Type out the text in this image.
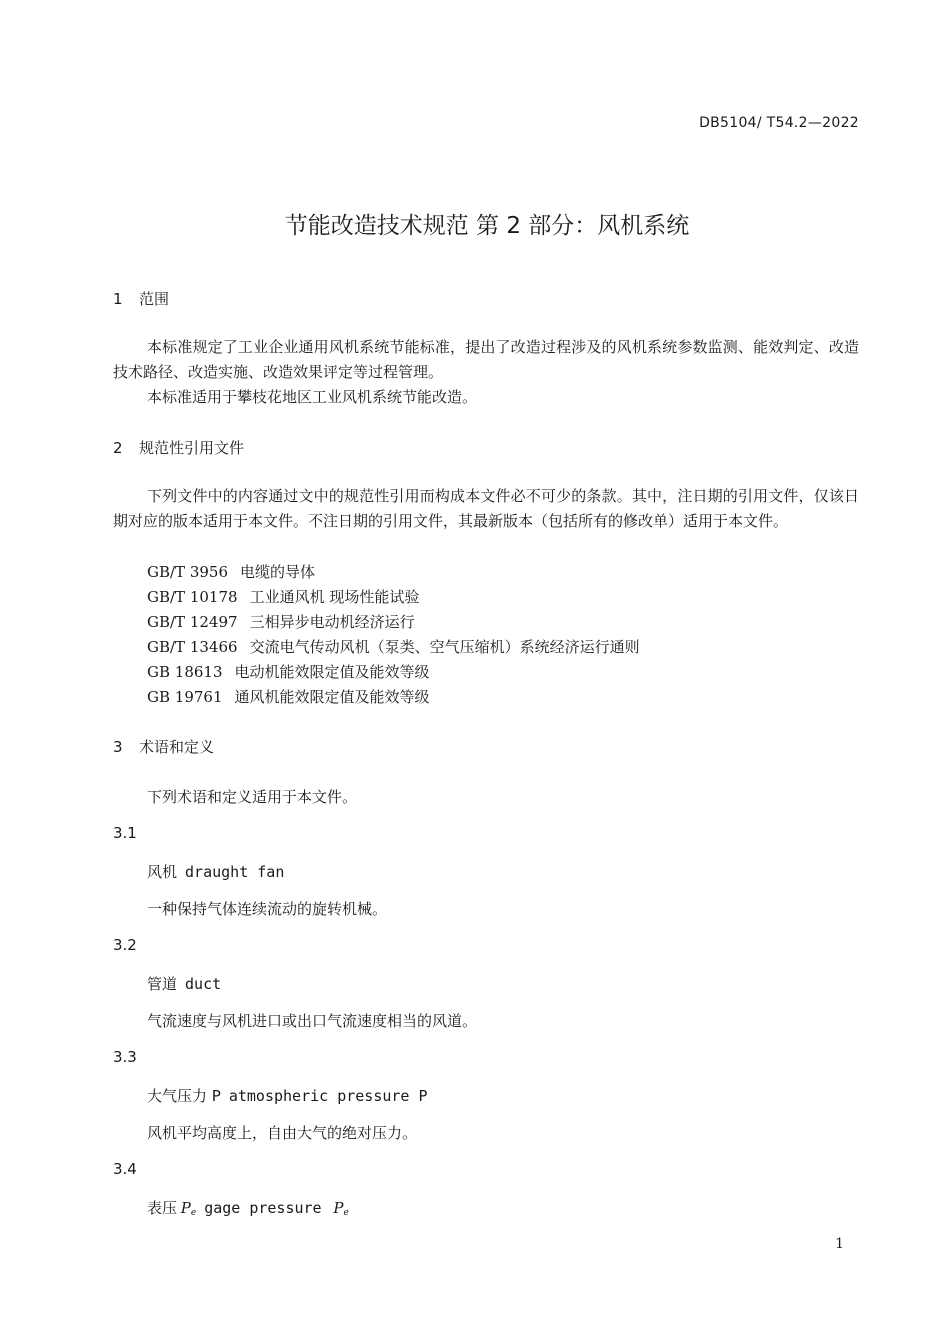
DB5104/ T54.2—2022
节能改造技术规范 第 2 部分：风机系统
1 范围
本标准规定了工业企业通用风机系统节能标准，提出了改造过程涉及的风机系统参数监测、能效判定、改造技术路径、改造实施、改造效果评定等过程管理。
本标准适用于攀枝花地区工业风机系统节能改造。
2 规范性引用文件
下列文件中的内容通过文中的规范性引用而构成本文件必不可少的条款。其中，注日期的引用文件，仅该日期对应的版本适用于本文件。不注日期的引用文件，其最新版本（包括所有的修改单）适用于本文件。
GB/T 3956 电缆的导体
GB/T 10178 工业通风机 现场性能试验
GB/T 12497 三相异步电动机经济运行
GB/T 13466 交流电气传动风机（泵类、空气压缩机）系统经济运行通则
GB 18613 电动机能效限定值及能效等级
GB 19761 通风机能效限定值及能效等级
3 术语和定义
下列术语和定义适用于本文件。
3.1
风机 draught fan
一种保持气体连续流动的旋转机械。
3.2
管道 duct
气流速度与风机进口或出口气流速度相当的风道。
3.3
大气压力 P atmospheric pressure P
风机平均高度上，自由大气的绝对压力。
3.4
表压 $P_e$ gage pressure $P_e$
1
